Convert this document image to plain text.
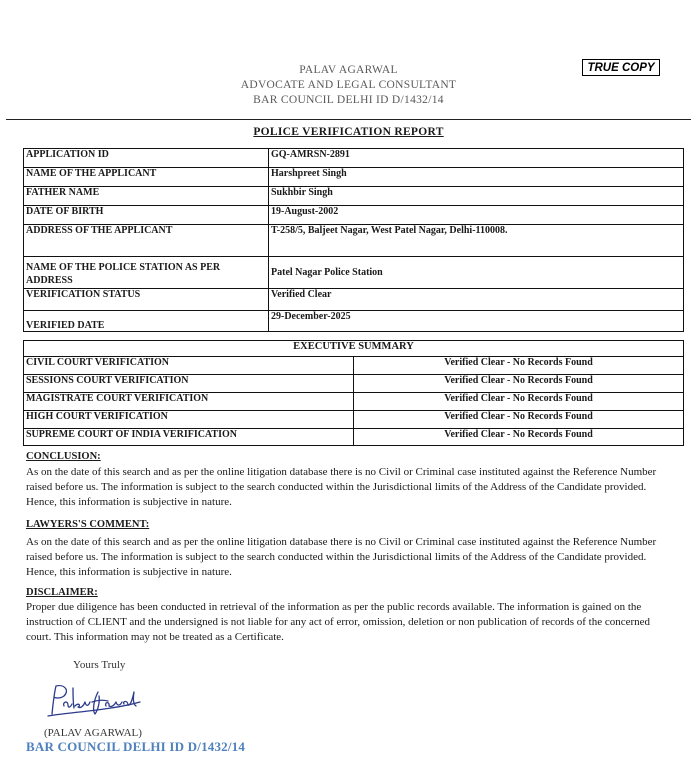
PALAV AGARWAL
ADVOCATE AND LEGAL CONSULTANT
BAR COUNCIL DELHI ID D/1432/14
TRUE COPY
POLICE VERIFICATION REPORT
APPLICATION ID	GQ-AMRSN-2891
NAME OF THE APPLICANT	Harshpreet Singh
FATHER NAME	Sukhbir Singh
DATE OF BIRTH	19-August-2002
ADDRESS OF THE APPLICANT	T-258/5, Baljeet Nagar, West Patel Nagar, Delhi-110008.
NAME OF THE POLICE STATION AS PER ADDRESS	Patel Nagar Police Station
VERIFICATION STATUS	Verified Clear
VERIFIED DATE	29-December-2025
EXECUTIVE SUMMARY	
CIVIL COURT VERIFICATION	Verified Clear - No Records Found
SESSIONS COURT VERIFICATION	Verified Clear - No Records Found
MAGISTRATE COURT VERIFICATION	Verified Clear - No Records Found
HIGH COURT VERIFICATION	Verified Clear - No Records Found
SUPREME COURT OF INDIA VERIFICATION	Verified Clear - No Records Found
CONCLUSION:
As on the date of this search and as per the online litigation database there is no Civil or Criminal case instituted against the Reference Number raised before us. The information is subject to the search conducted within the Jurisdictional limits of the Address of the Candidate provided. Hence, this information is subjective in nature.
LAWYERS'S COMMENT:
As on the date of this search and as per the online litigation database there is no Civil or Criminal case instituted against the Reference Number raised before us. The information is subject to the search conducted within the Jurisdictional limits of the Address of the Candidate provided. Hence, this information is subjective in nature.
DISCLAIMER:
Proper due diligence has been conducted in retrieval of the information as per the public records available. The information is gained on the instruction of CLIENT and the undersigned is not liable for any act of error, omission, deletion or non publication of records of the concerned court. This information may not be treated as a Certificate.
Yours Truly
(PALAV AGARWAL)
BAR COUNCIL DELHI ID D/1432/14
